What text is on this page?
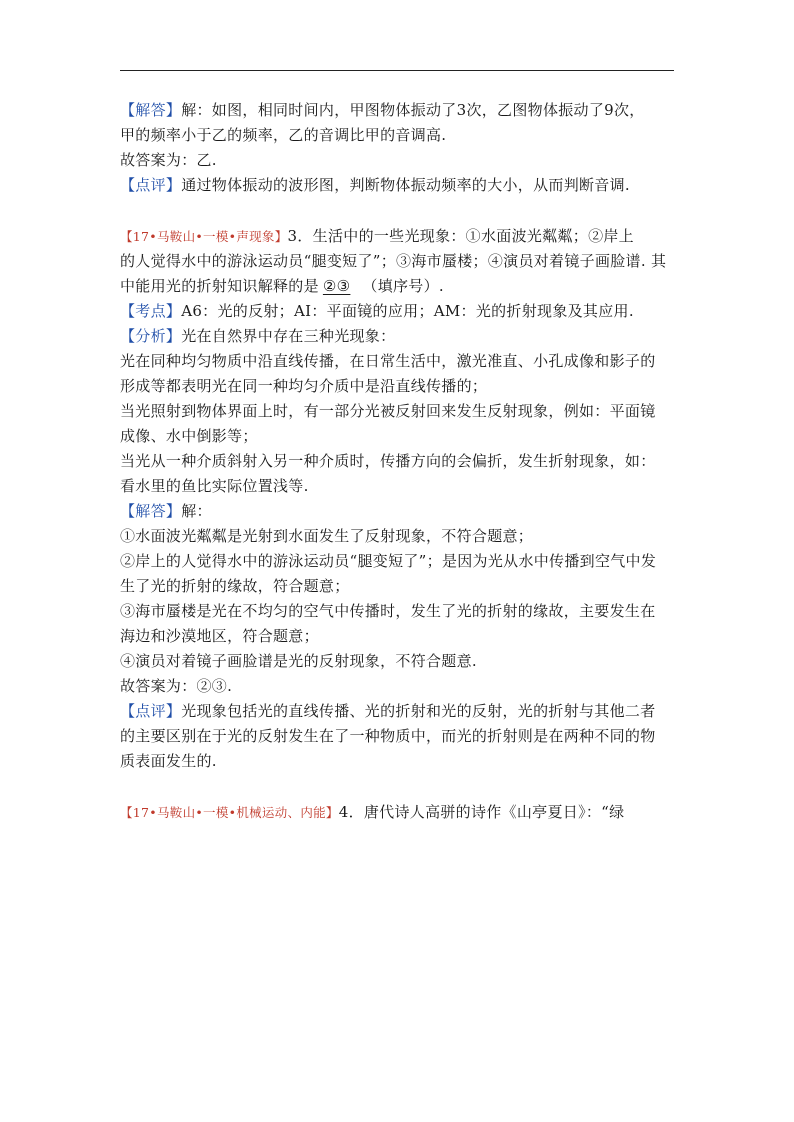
【解答】解：如图，相同时间内，甲图物体振动了3次，乙图物体振动了9次，
甲的频率小于乙的频率，乙的音调比甲的音调高.
故答案为：乙.
【点评】通过物体振动的波形图，判断物体振动频率的大小，从而判断音调.
【17•马鞍山•一模•声现象】3．生活中的一些光现象：①水面波光粼粼；②岸上
的人觉得水中的游泳运动员“腿变短了”；③海市蜃楼；④演员对着镜子画脸谱. 其
中能用光的折射知识解释的是 ②③ （填序号）.
【考点】A6：光的反射；AI：平面镜的应用；AM：光的折射现象及其应用.
【分析】光在自然界中存在三种光现象：
光在同种均匀物质中沿直线传播，在日常生活中，激光准直、小孔成像和影子的
形成等都表明光在同一种均匀介质中是沿直线传播的；
当光照射到物体界面上时，有一部分光被反射回来发生反射现象，例如：平面镜
成像、水中倒影等；
当光从一种介质斜射入另一种介质时，传播方向的会偏折，发生折射现象，如：
看水里的鱼比实际位置浅等.
【解答】解：
①水面波光粼粼是光射到水面发生了反射现象，不符合题意；
②岸上的人觉得水中的游泳运动员“腿变短了”；是因为光从水中传播到空气中发
生了光的折射的缘故，符合题意；
③海市蜃楼是光在不均匀的空气中传播时，发生了光的折射的缘故，主要发生在
海边和沙漠地区，符合题意；
④演员对着镜子画脸谱是光的反射现象，不符合题意.
故答案为：②③.
【点评】光现象包括光的直线传播、光的折射和光的反射，光的折射与其他二者
的主要区别在于光的反射发生在了一种物质中，而光的折射则是在两种不同的物
质表面发生的.
【17•马鞍山•一模•机械运动、内能】4．唐代诗人高骈的诗作《山亭夏日》：“绿
